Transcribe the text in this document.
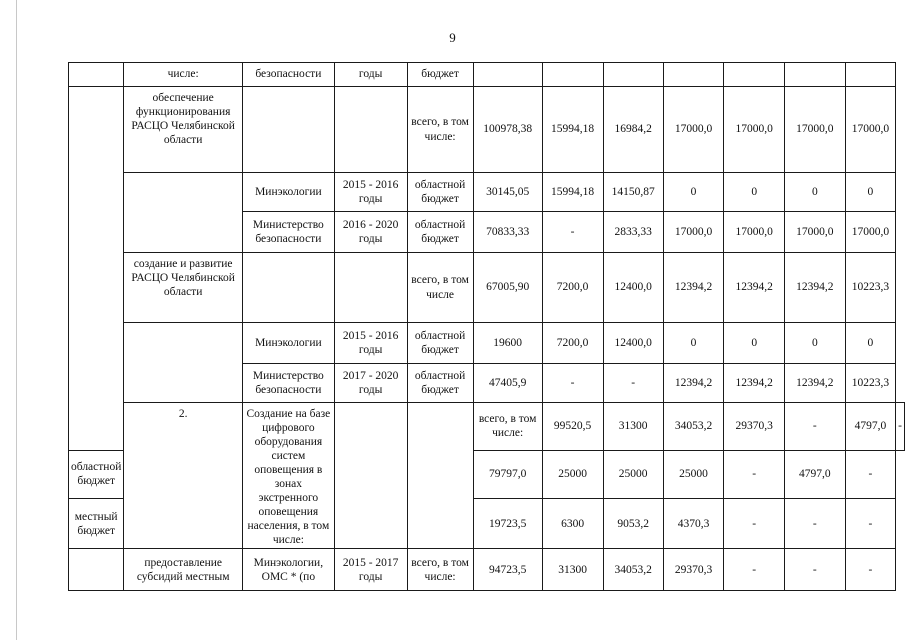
9
	числе:	безопасности	годы	бюджет								
	обеспечение функционирования РАСЦО Челябинской области			всего, в том числе:	100978,38	15994,18	16984,2	17000,0	17000,0	17000,0	17000,0	
		Минэкологии	2015 - 2016 годы	областной бюджет	30145,05	15994,18	14150,87	0	0	0	0	
		Министерство безопасности	2016 - 2020 годы	областной бюджет	70833,33	-	2833,33	17000,0	17000,0	17000,0	17000,0	
	создание и развитие РАСЦО Челябинской области			всего, в том числе	67005,90	7200,0	12400,0	12394,2	12394,2	12394,2	10223,3	
		Минэкологии	2015 - 2016 годы	областной бюджет	19600	7200,0	12400,0	0	0	0	0	
		Министерство безопасности	2017 - 2020 годы	областной бюджет	47405,9	-	-	12394,2	12394,2	12394,2	10223,3	
	2.	Создание на базе цифрового оборудования систем оповещения в зонах экстренного оповещения населения, в том числе:			всего, в том числе:	99520,5	31300	34053,2	29370,3	-	4797,0	-
областной бюджет					79797,0	25000	25000	25000	-	4797,0	-	
местный бюджет					19723,5	6300	9053,2	4370,3	-	-	-	
	предоставление субсидий местным	Минэкологии, ОМС * (по	2015 - 2017 годы	всего, в том числе:	94723,5	31300	34053,2	29370,3	-	-	-	
